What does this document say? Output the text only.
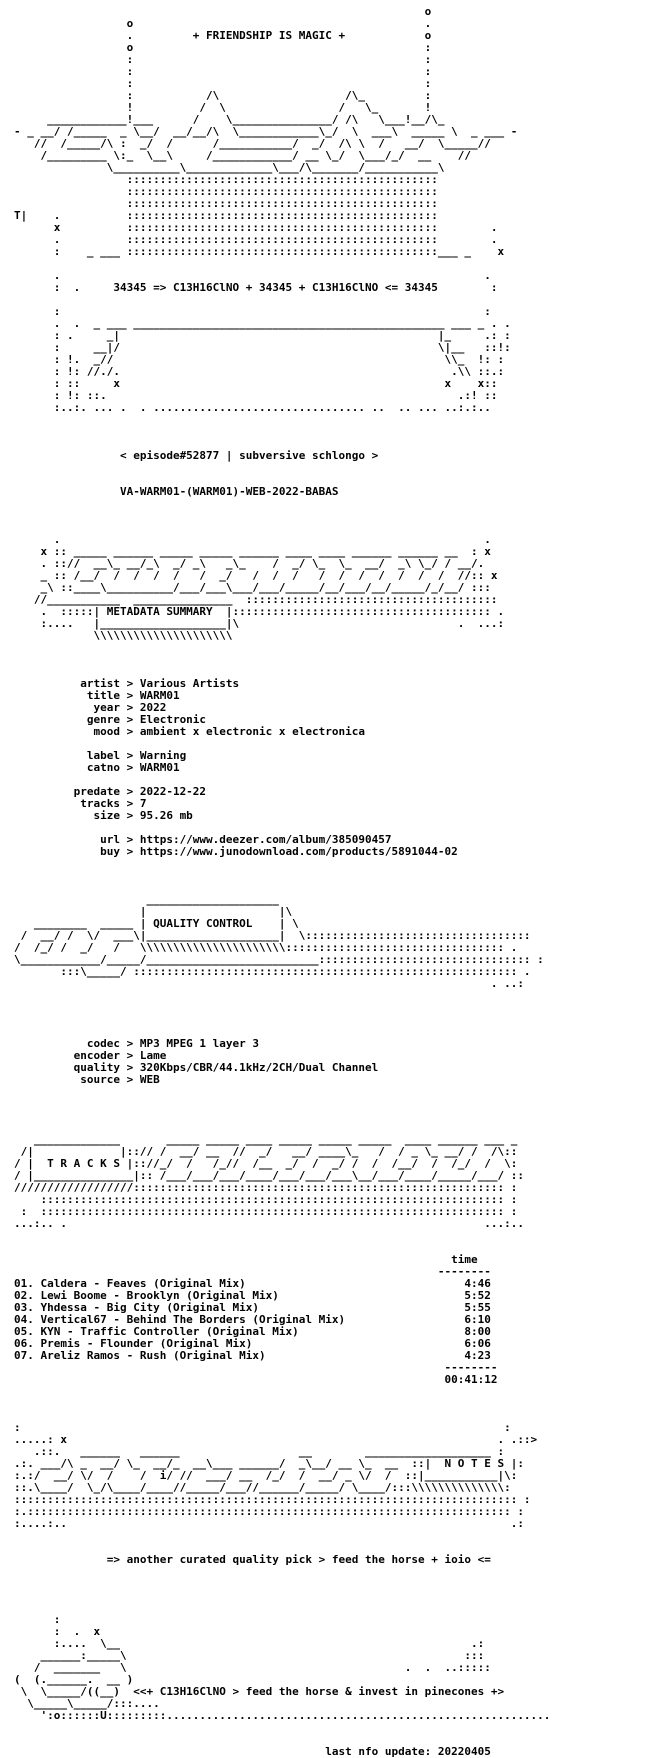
o
o                                            .
.         + FRIENDSHIP IS MAGIC +            o
o                                            :
:                                            :
:                                            :
:                                            :
:           /\                   /\_         :
!          /  \                 /   \_       !
____________!___      /    \_______________/ /\   \___!__/\_
- _ __/ /_____  _ \__/  __/__/\  \____________\_/  \  ___\  _____ \  _ ___ -
//  /_____/\ :  _/  /      /___________/  _/  /\ \  /   __/  \_____//
/_________ \:_  \__\     /____________/ __ \_/  \___/_/  __    //
\__________\_____________\___/\_______/___________\
:::::::::::::::::::::::::::::::::::::::::::::::
:::::::::::::::::::::::::::::::::::::::::::::::
:::::::::::::::::::::::::::::::::::::::::::::::
T|    .          :::::::::::::::::::::::::::::::::::::::::::::::
x          :::::::::::::::::::::::::::::::::::::::::::::::        .
.          :::::::::::::::::::::::::::::::::::::::::::::::        .
:    _ ___ :::::::::::::::::::::::::::::::::::::::::::::::___ _    x
.                                                                .
:  .     34345 => C13H16ClNO + 34345 + C13H16ClNO <= 34345        :
:                                                                :
.  .  _ ___ _______________________________________________ ___ _ . .
: .     _|                                                |_     .: :
:     __|/                                                \|__   ::!:
: !.  _//                                                  \\_  !: :
: !: //./.                                                  .\\ ::.:
: ::     x                                                 x    x::
: !: ::.                                                     .:! ::
:..:. ... .  . ................................ ..  .. ... ..:.:..
< episode#52877 | subversive schlongo >
VA-WARM01-(WARM01)-WEB-2022-BABAS
.                                                                .
x :: _____ ______ _____ _____ ______ ____ ____ ______ ______ __  : x
. :://  __\_ __/_\  _/ _\   _\_    /  _/ \_  \_  __/  _\ \_/ / __/.
_ :: /__/  /  /  /  /   /  _/   /  /  /   /  /  /  /  /  /  /  //:: x
_\ ::____\__________/___/___\___/___/_____/__/___/__/_____/_/__/ :::
//___________  _______________  ::::::::::::::::::::::::::::::::::::::
.  :::::| METADATA SUMMARY  |::::::::::::::::::::::::::::::::::::::: .
:....   |___________________|\                                 .  ...:
\\\\\\\\\\\\\\\\\\\\\
artist > Various Artists
title > WARM01
year > 2022
genre > Electronic
mood > ambient x electronic x electronica
label > Warning
catno > WARM01
predate > 2022-12-22
tracks > 7
size > 95.26 mb
url > https://www.deezer.com/album/385090457
buy > https://www.junodownload.com/products/5891044-02
____________________
|                    |\
________  _____ | QUALITY CONTROL    | \
/  __/ /  \/  ___\|____________________|  \::::::::::::::::::::::::::::::::::
/  /_/ /  _/   /   \\\\\\\\\\\\\\\\\\\\\\::::::::::::::::::::::::::::::::: .
\____________/_____/__________________________:::::::::::::::::::::::::::::::: :
:::\_____/ :::::::::::::::::::::::::::::::::::::::::::::::::::::::::: .
. ..:
codec > MP3 MPEG 1 layer 3
encoder > Lame
quality > 320Kbps/CBR/44.1kHz/2CH/Dual Channel
source > WEB
_____________       _____ _____ ____ _____ _____ _____  ____ ______ ___ _
/|             |::// /  __/ __  //  _/   __/ ____\_   /  / _ \_ __/ /  /\::
/ |  T R A C K S |:://_/  /   /_//  /__  _/  /  _/ /  /  /__/  /  /_/  /  \:
/ |_______________|:: /___/___/___/____/___/___/___\__/___/____/_____/___/ ::
//////////////////:::::::::::::::::::::::::::::::::::::::::::::::::::::::: :
:::::::::::::::::::::::::::::::::::::::::::::::::::::::::::::::::::::: :
:  :::::::::::::::::::::::::::::::::::::::::::::::::::::::::::::::::::::: :
...:.. .                                                               ...:..
time
--------
01. Caldera - Feaves (Original Mix)                                 4:46
02. Lewi Boome - Brooklyn (Original Mix)                            5:52
03. Yhdessa - Big City (Original Mix)                               5:55
04. Vertical67 - Behind The Borders (Original Mix)                  6:10
05. KYN - Traffic Controller (Original Mix)                         8:00
06. Premis - Flounder (Original Mix)                                6:06
07. Areliz Ramos - Rush (Original Mix)                              4:23
--------
00:41:12
:                                                                         :
.....: x                                                                 . .::>
.::.   ______   ______                  __        ___________________ :
.:. ___/\ _  __/ \_  __/_  __\___ ______/  _\__/ __ \_  __  ::|  N O T E S |:
:.:/  __/ \/  /    /  i/ //  ___/ __  /_/  /  __/ _ \/  /  ::|___________|\:
::.\____/  \_/\____/____//_____/___//______/_____/ \____/:::\\\\\\\\\\\\\\:
:::::::::::::::::::::::::::::::::::::::::::::::::::::::::::::::::::::::::::: :
:.::::::::::::::::::::::::::::::::::::::::::::::::::::::::::::::::::::::::: :
:....:..                                                                   .:
=> another curated quality pick > feed the horse + ioio <=
:
:  .  x
:....  \__                                                     .:
______:_____\                                                   :::
/  _______   \                                          .  .  ..:::::
(  (.______.  __ )
\  \_____/((__)  <<+ C13H16ClNO > feed the horse & invest in pinecones +>
\_____\_____/:::....
':o::::::U:::::::::..........................................................
last nfo update: 20220405
